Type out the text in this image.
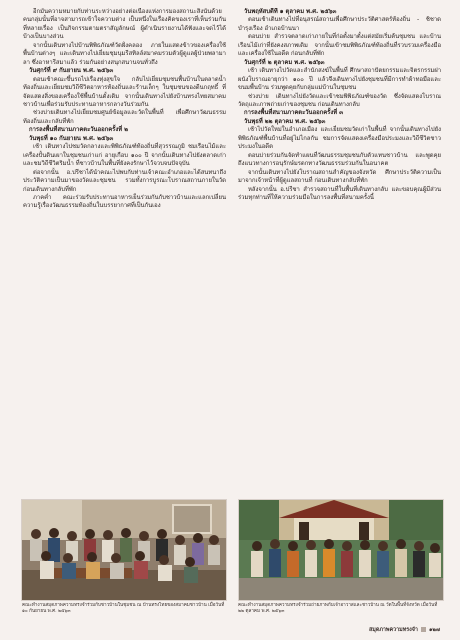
อีกมันความหมายกับท่านระหว่างอย่างต่อเนื่องแห่งการมองสถานะสิ่งนั้นด้วยคนกลุ่มนั้นที่อาจสามารถเข้าใจความต่าง เป็นหนึ่งในเรื่องคิดของเราที่เห็นร่วมกันที่หลายเรื่อง เป็นกิจกรรมตามตราสัญลักษณ์ ผู้ดำเนินรายงานได้ฟังและจดไว้ได้บ้างเป็นบางส่วน

จากนั้นเดินทางไปบ้านพิพิธภัณฑ์วัดฝั่งคลอง ภายในแสดงข้าวของเครื่องใช้พื้นบ้านต่างๆ และเดินทางไปเยี่ยมชุมนุมรีสทิลล์สมาคมรวมตัวผู้ดูแลผู้ป่วยพลามาลา ซึ่งอาหารีสมาแล้ว ร่วมกันอย่างสนุกสนานจนทั่วถึง

วันศุกร์ที่ ๙ กันยายน พ.ศ. ๒๕๖๓

ตอนเช้าคณะขึ้นรถไปเรื่องทุ่งสุขใจ กลับไปเยี่ยมชุมชนพื้นบ้านในตลาดน้ำท้องถิ่นและเยี่ยมชมวิถีชีวิตอาหารท้องถิ่นและร้านเล็กๆ ในชุมชนของดีนกฤทธิ์ ที่จัดแสดงสิ่งของเครื่องใช้พื้นบ้านดั้งเดิม จากนั้นเดินทางไปยังบ้านทรงไทยสมาคมชาวบ้านเพื่อร่วมรับประทานอาหารกลางวันร่วมกัน

ช่วงบ่ายเดินทางไปเยี่ยมชมศูนย์ข้อมูลและวัดในพื้นที่ เพื่อศึกษาวัฒนธรรมท้องถิ่นและกลับที่พัก

การลงพื้นที่สนามภาคตะวันออกครั้งที่ ๒

วันพุธที่ ๑๐ กันยายน พ.ศ. ๒๕๖๓

เช้า เดินทางไปชมวัดกลางและพิพิธภัณฑ์ท้องถิ่นที่สุวรรณภูมิ ชมเรือนไม้และเครื่องปั้นดินเผาในชุมชนเก่าแก่ อายุเกือบ ๑๐๐ ปี จากนั้นเดินทางไปยังตลาดเก่าและชมวิถีชีวิตริมน้ำ ที่ชาวบ้านในพื้นที่ยังคงรักษาไว้จวบจนปัจจุบัน

ต่อจากนั้น อ.ปรีชาได้นำคณะไปพบกับท่านเจ้าคณะอำเภอและได้สนทนาถึงประวัติความเป็นมาของวัดและชุมชน รวมทั้งการบูรณะโบราณสถานภายในวัด ก่อนเดินทางกลับที่พัก

ภาคค่ำ คณะร่วมรับประทานอาหารเย็นร่วมกันกับชาวบ้านและแลกเปลี่ยนความรู้เรื่องวัฒนธรรมท้องถิ่นในบรรยากาศที่เป็นกันเอง

วันพฤหัสบดีที่ ๑ ตุลาคม พ.ศ. ๒๕๖๓

ตอนเช้าเดินทางไปที่อนุสรณ์สถานเพื่อศึกษาประวัติศาสตร์ท้องถิ่น - ชิชาดบำรุงเรือง อำเภอบ้านนา

ตอนบ่าย สำรวจตลาดเก่าภายในที่ก่อตั้งมาตั้งแต่สมัยเริ่มต้นชุมชน และบ้านเรือนไม้เก่าที่ยังคงสภาพเดิม จากนั้นเข้าชมพิพิธภัณฑ์ท้องถิ่นที่รวบรวมเครื่องมือและเครื่องใช้ในอดีต ก่อนกลับที่พัก

วันศุกร์ที่ ๒ ตุลาคม พ.ศ. ๒๕๖๓

เช้า เดินทางไปวัดและสำนักสงฆ์ในพื้นที่ ศึกษาสถาปัตยกรรมและจิตรกรรมฝาผนังโบราณอายุกว่า ๑๐๐ ปี แล้วจึงเดินทางไปยังชุมชนที่มีการทำผ้าทอมือและขนมพื้นบ้าน ร่วมพูดคุยกับกลุ่มแม่บ้านในชุมชน

ช่วงบ่าย เดินทางไปยังวัดและเข้าชมพิพิธภัณฑ์ของวัด ซึ่งจัดแสดงโบราณวัตถุและภาพถ่ายเก่าของชุมชน ก่อนเดินทางกลับ

การลงพื้นที่สนามภาคตะวันออกครั้งที่ ๓

วันพุธที่ ๒๒ ตุลาคม พ.ศ. ๒๕๖๓

เช้าไปวัดใหม่ในอำเภอเมือง และเยี่ยมชมวัดเก่าในพื้นที่ จากนั้นเดินทางไปยังพิพิธภัณฑ์พื้นบ้านที่อยู่ไม่ไกลกัน ชมการจัดแสดงเครื่องมือประมงและวิถีชีวิตชาวประมงในอดีต

ตอนบ่ายร่วมกันจัดทำแผนที่วัฒนธรรมชุมชนกับตัวแทนชาวบ้าน และพูดคุยถึงแนวทางการอนุรักษ์มรดกทางวัฒนธรรมร่วมกันในอนาคต

จากนั้นเดินทางไปยังโบราณสถานสำคัญของจังหวัด ศึกษาประวัติความเป็นมาจากเจ้าหน้าที่ผู้ดูแลสถานที่ ก่อนเดินทางกลับที่พัก

หลังจากนั้น อ.ปรีชา สำรวจสถานที่ในพื้นที่เดินทางกลับ และขอบคุณผู้มีส่วนร่วมทุกท่านที่ให้ความร่วมมือในการลงพื้นที่สนามครั้งนี้

คณะทำงานสมุดภาพความทรงจำร่วมกับชาวบ้านในชุมชน ณ บ้านทรงไทยของสมาคมชาวบ้าน เมื่อวันที่ ๑๐ กันยายน พ.ศ. ๒๕๖๓
คณะทำงานสมุดภาพความทรงจำร่วมถ่ายภาพกับเจ้าอาวาสและชาวบ้าน ณ วัดในพื้นที่จังหวัด เมื่อวันที่ ๒๒ ตุลาคม พ.ศ. ๒๕๖๓
สมุดภาพความทรงจำ ๑๒๗
